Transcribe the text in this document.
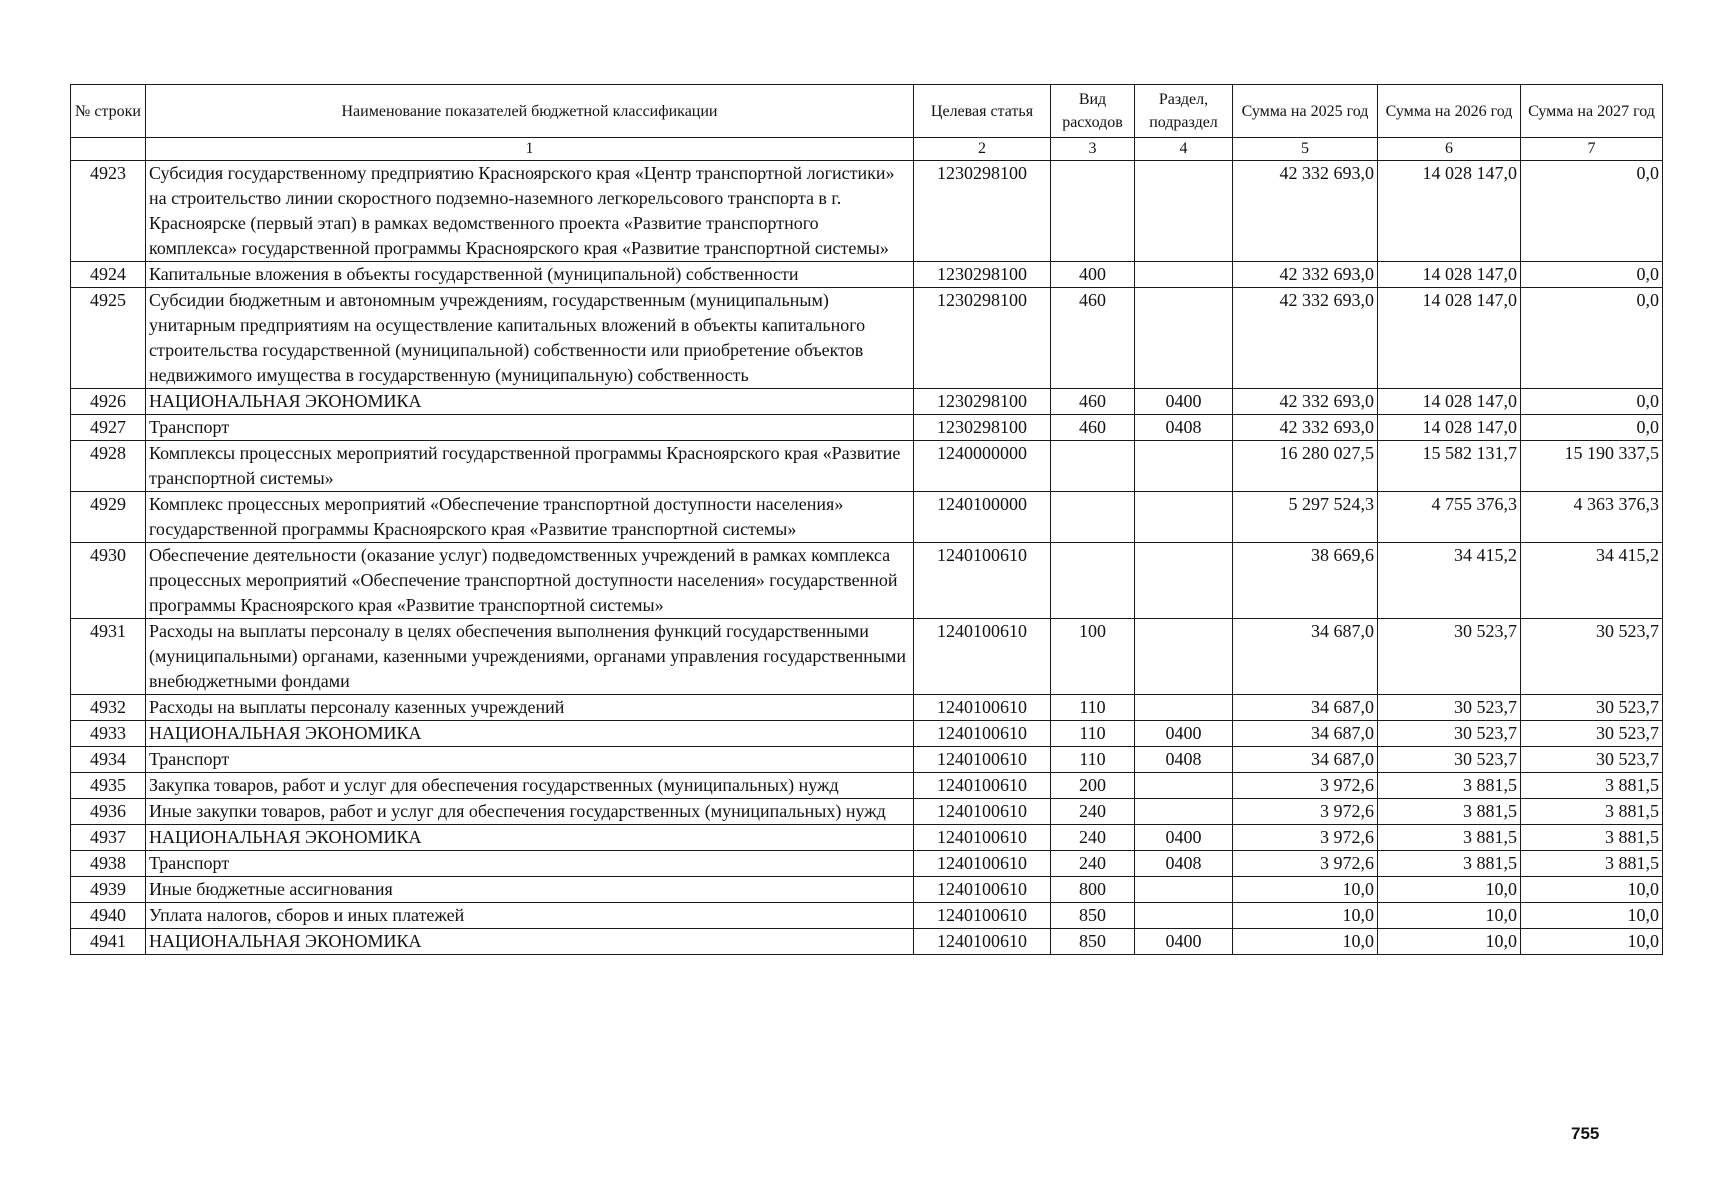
№ строки	Наименование показателей бюджетной классификации	Целевая статья	Вид расходов	Раздел, подраздел	Сумма на 2025 год	Сумма на 2026 год	Сумма на 2027 год
	1	2	3	4	5	6	7
4923	Субсидия государственному предприятию Красноярского края «Центр транспортной логистики» на строительство линии скоростного подземно-наземного легкорельсового транспорта в г. Красноярске (первый этап) в рамках ведомственного проекта «Развитие транспортного комплекса» государственной программы Красноярского края «Развитие транспортной системы»	1230298100			42 332 693,0	14 028 147,0	0,0
4924	Капитальные вложения в объекты государственной (муниципальной) собственности	1230298100	400		42 332 693,0	14 028 147,0	0,0
4925	Субсидии бюджетным и автономным учреждениям, государственным (муниципальным) унитарным предприятиям на осуществление капитальных вложений в объекты капитального строительства государственной (муниципальной) собственности или приобретение объектов недвижимого имущества в государственную (муниципальную) собственность	1230298100	460		42 332 693,0	14 028 147,0	0,0
4926	НАЦИОНАЛЬНАЯ ЭКОНОМИКА	1230298100	460	0400	42 332 693,0	14 028 147,0	0,0
4927	Транспорт	1230298100	460	0408	42 332 693,0	14 028 147,0	0,0
4928	Комплексы процессных мероприятий государственной программы Красноярского края «Развитие транспортной системы»	1240000000			16 280 027,5	15 582 131,7	15 190 337,5
4929	Комплекс процессных мероприятий «Обеспечение транспортной доступности населения» государственной программы Красноярского края «Развитие транспортной системы»	1240100000			5 297 524,3	4 755 376,3	4 363 376,3
4930	Обеспечение деятельности (оказание услуг) подведомственных учреждений в рамках комплекса процессных мероприятий «Обеспечение транспортной доступности населения» государственной программы Красноярского края «Развитие транспортной системы»	1240100610			38 669,6	34 415,2	34 415,2
4931	Расходы на выплаты персоналу в целях обеспечения выполнения функций государственными (муниципальными) органами, казенными учреждениями, органами управления государственными внебюджетными фондами	1240100610	100		34 687,0	30 523,7	30 523,7
4932	Расходы на выплаты персоналу казенных учреждений	1240100610	110		34 687,0	30 523,7	30 523,7
4933	НАЦИОНАЛЬНАЯ ЭКОНОМИКА	1240100610	110	0400	34 687,0	30 523,7	30 523,7
4934	Транспорт	1240100610	110	0408	34 687,0	30 523,7	30 523,7
4935	Закупка товаров, работ и услуг для обеспечения государственных (муниципальных) нужд	1240100610	200		3 972,6	3 881,5	3 881,5
4936	Иные закупки товаров, работ и услуг для обеспечения государственных (муниципальных) нужд	1240100610	240		3 972,6	3 881,5	3 881,5
4937	НАЦИОНАЛЬНАЯ ЭКОНОМИКА	1240100610	240	0400	3 972,6	3 881,5	3 881,5
4938	Транспорт	1240100610	240	0408	3 972,6	3 881,5	3 881,5
4939	Иные бюджетные ассигнования	1240100610	800		10,0	10,0	10,0
4940	Уплата налогов, сборов и иных платежей	1240100610	850		10,0	10,0	10,0
4941	НАЦИОНАЛЬНАЯ ЭКОНОМИКА	1240100610	850	0400	10,0	10,0	10,0
755
